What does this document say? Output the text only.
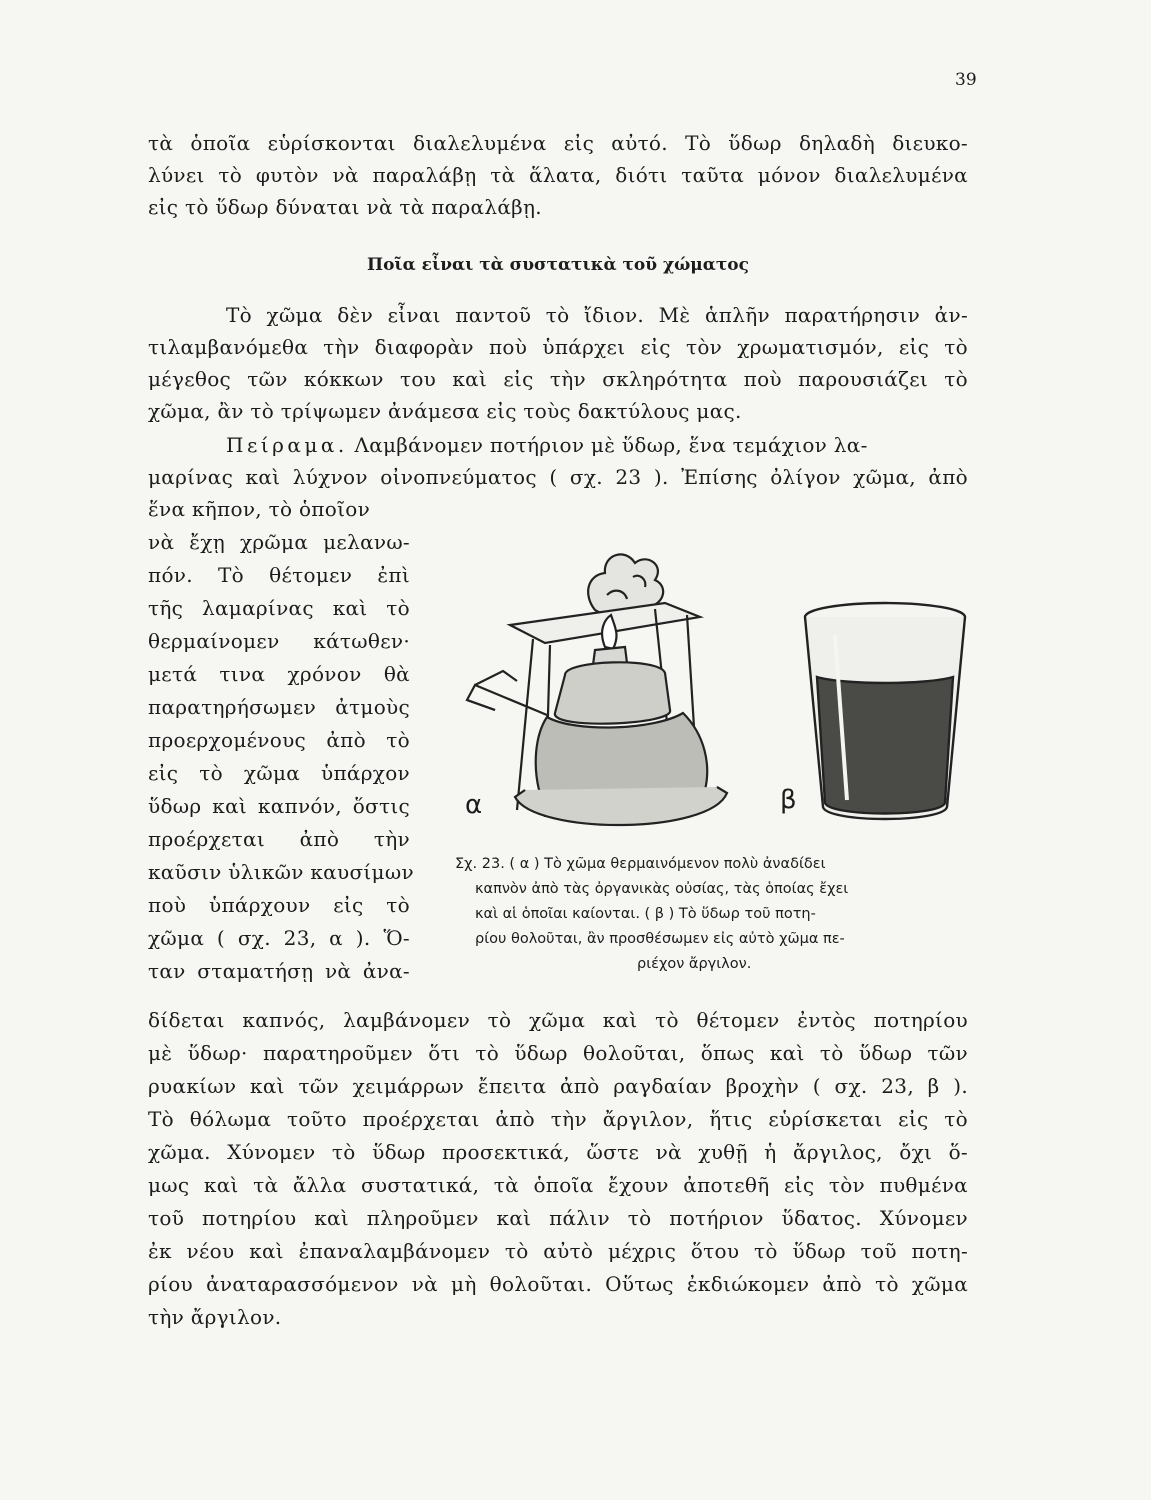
39
τὰ ὁποῖα εὑρίσκονται διαλελυμένα εἰς αὐτό. Τὸ ὕδωρ δηλαδὴ διευκο-
λύνει τὸ φυτὸν νὰ παραλάβῃ τὰ ἅλατα, διότι ταῦτα μόνον διαλελυμένα
εἰς τὸ ὕδωρ δύναται νὰ τὰ παραλάβῃ.
Ποῖα εἶναι τὰ συστατικὰ τοῦ χώματος
Τὸ χῶμα δὲν εἶναι παντοῦ τὸ ἴδιον. Μὲ ἁπλῆν παρατήρησιν ἀν-
τιλαμβανόμεθα τὴν διαφορὰν ποὺ ὑπάρχει εἰς τὸν χρωματισμόν, εἰς τὸ
μέγεθος τῶν κόκκων του καὶ εἰς τὴν σκληρότητα ποὺ παρουσιάζει τὸ
χῶμα, ἂν τὸ τρίψωμεν ἀνάμεσα εἰς τοὺς δακτύλους μας.
Πείραμα. Λαμβάνομεν ποτήριον μὲ ὕδωρ, ἕνα τεμάχιον λα-
μαρίνας καὶ λύχνον οἰνοπνεύματος ( σχ. 23 ). Ἐπίσης ὀλίγον χῶμα, ἀπὸ
ἕνα κῆπον, τὸ ὁποῖον
νὰ ἔχῃ χρῶμα μελανω-
πόν. Τὸ θέτομεν ἐπὶ
τῆς λαμαρίνας καὶ τὸ
θερμαίνομεν κάτωθεν·
μετά τινα χρόνον θὰ
παρατηρήσωμεν ἀτμοὺς
προερχομένους ἀπὸ τὸ
εἰς τὸ χῶμα ὑπάρχον
ὕδωρ καὶ καπνόν, ὅστις
προέρχεται ἀπὸ τὴν
καῦσιν ὑλικῶν καυσίμων
ποὺ ὑπάρχουν εἰς τὸ
χῶμα ( σχ. 23, α ). Ὅ-
ταν σταματήσῃ νὰ ἀνα-
α	β
Σχ. 23. ( α ) Τὸ χῶμα θερμαινόμενον πολὺ ἀναδίδει
καπνὸν ἀπὸ τὰς ὀργανικὰς οὐσίας, τὰς ὁποίας ἔχει
καὶ αἱ ὁποῖαι καίονται. ( β ) Τὸ ὕδωρ τοῦ ποτη-
ρίου θολοῦται, ἂν προσθέσωμεν εἰς αὐτὸ χῶμα πε-
ριέχον ἄργιλον.
δίδεται καπνός, λαμβάνομεν τὸ χῶμα καὶ τὸ θέτομεν ἐντὸς ποτηρίου
μὲ ὕδωρ· παρατηροῦμεν ὅτι τὸ ὕδωρ θολοῦται, ὅπως καὶ τὸ ὕδωρ τῶν
ρυακίων καὶ τῶν χειμάρρων ἔπειτα ἀπὸ ραγδαίαν βροχὴν ( σχ. 23, β ).
Τὸ θόλωμα τοῦτο προέρχεται ἀπὸ τὴν ἄργιλον, ἥτις εὑρίσκεται εἰς τὸ
χῶμα. Χύνομεν τὸ ὕδωρ προσεκτικά, ὥστε νὰ χυθῇ ἡ ἄργιλος, ὄχι ὅ-
μως καὶ τὰ ἄλλα συστατικά, τὰ ὁποῖα ἔχουν ἀποτεθῆ εἰς τὸν πυθμένα
τοῦ ποτηρίου καὶ πληροῦμεν καὶ πάλιν τὸ ποτήριον ὕδατος. Χύνομεν
ἐκ νέου καὶ ἐπαναλαμβάνομεν τὸ αὐτὸ μέχρις ὅτου τὸ ὕδωρ τοῦ ποτη-
ρίου ἀναταρασσόμενον νὰ μὴ θολοῦται. Οὕτως ἐκδιώκομεν ἀπὸ τὸ χῶμα
τὴν ἄργιλον.
